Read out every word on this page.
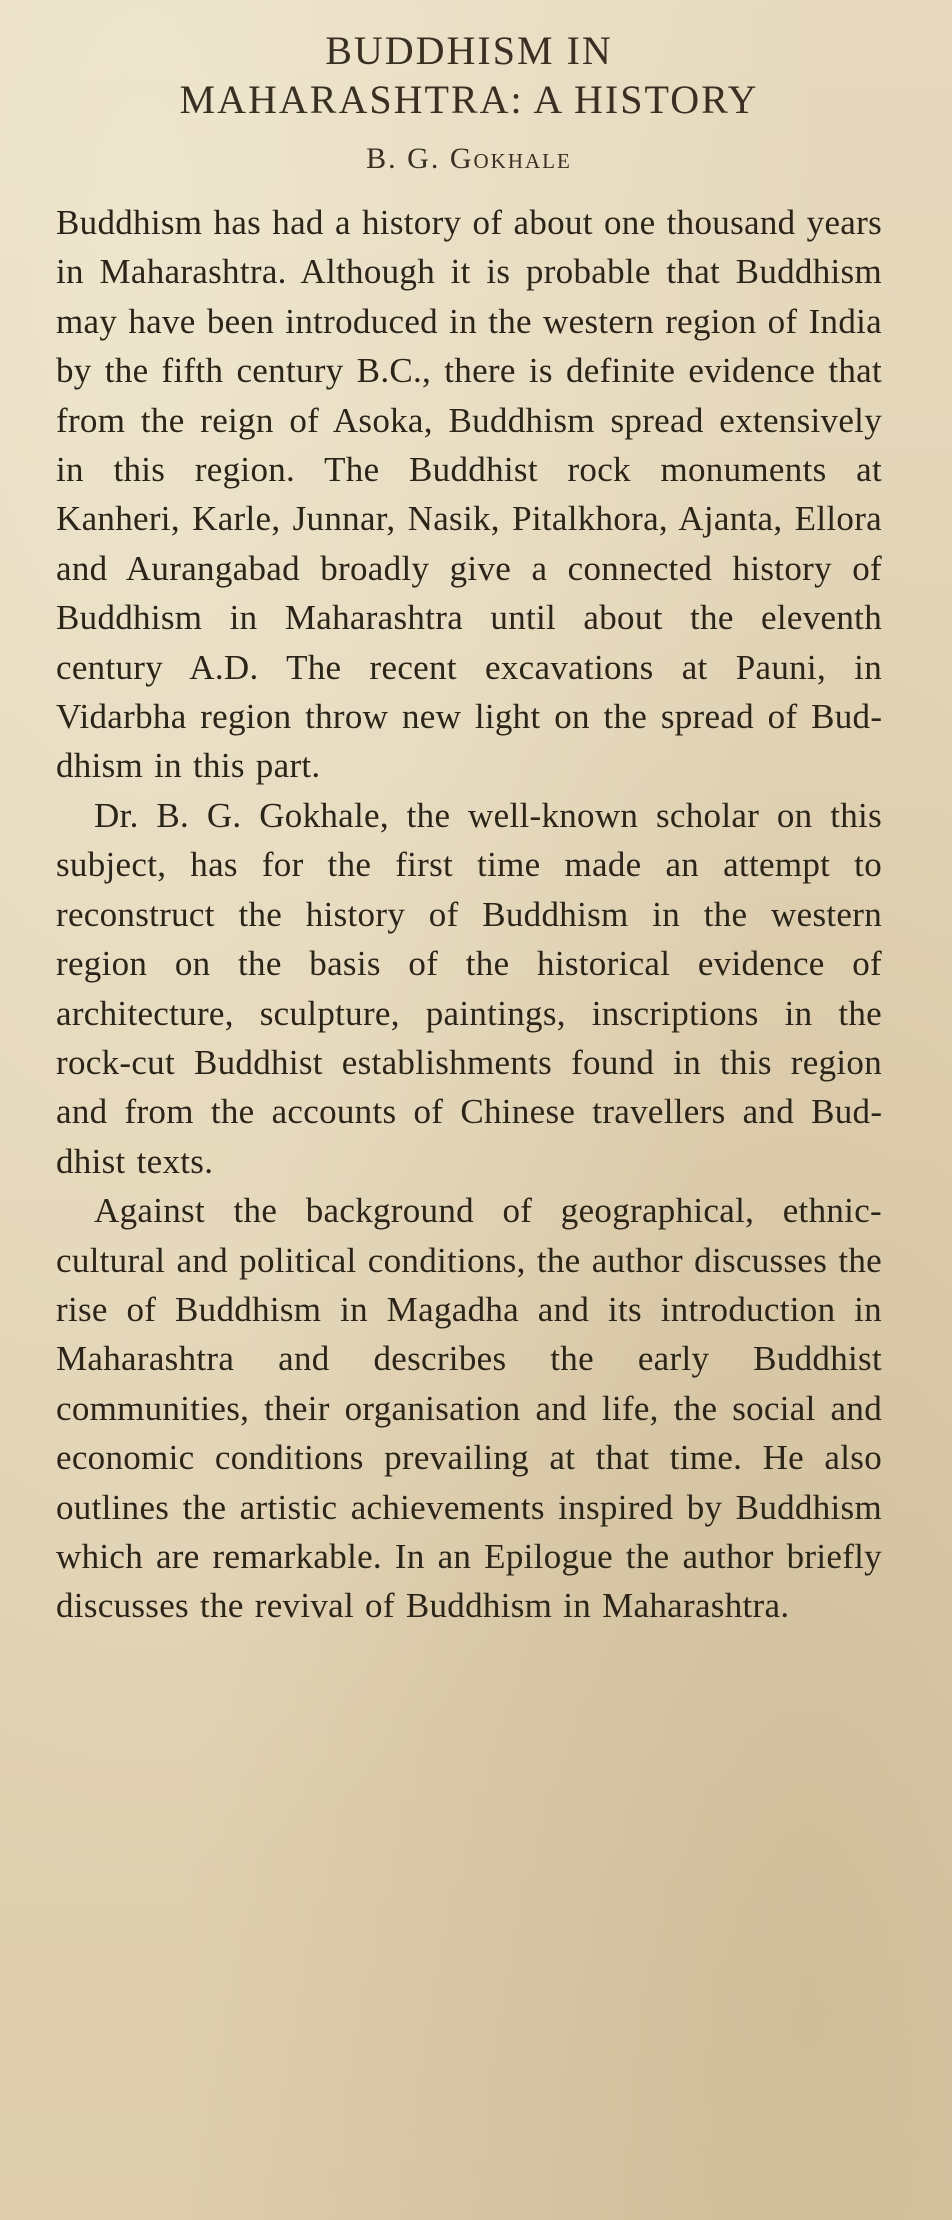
BUDDHISM IN
MAHARASHTRA: A HISTORY
B. G. Gokhale

Buddhism has had a history of about one thousand years in Maharashtra. Although it is probable that Buddhism may have been introduced in the western region of India by the fifth century B.C., there is definite evidence that from the reign of Asoka, Buddhism spread extensively in this region. The Buddhist rock monuments at Kanheri, Karle, Junnar, Nasik, Pitalkhora, Ajanta, Ellora and Aurangabad broadly give a connected history of Buddhism in Maharashtra until about the eleventh century A.D. The recent excavations at Pauni, in Vidarbha region throw new light on the spread of Buddhism in this part.

Dr. B. G. Gokhale, the well-known scholar on this subject, has for the first time made an attempt to reconstruct the history of Buddhism in the western region on the basis of the historical evidence of architecture, sculpture, paintings, inscriptions in the rock-cut Buddhist establishments found in this region and from the accounts of Chinese travellers and Buddhist texts.

Against the background of geographical, ethnic-cultural and political conditions, the author discusses the rise of Buddhism in Magadha and its introduction in Maharashtra and describes the early Buddhist communities, their organisation and life, the social and economic conditions prevailing at that time. He also outlines the artistic achievements inspired by Buddhism which are remarkable. In an Epilogue the author briefly discusses the revival of Buddhism in Maharashtra.
